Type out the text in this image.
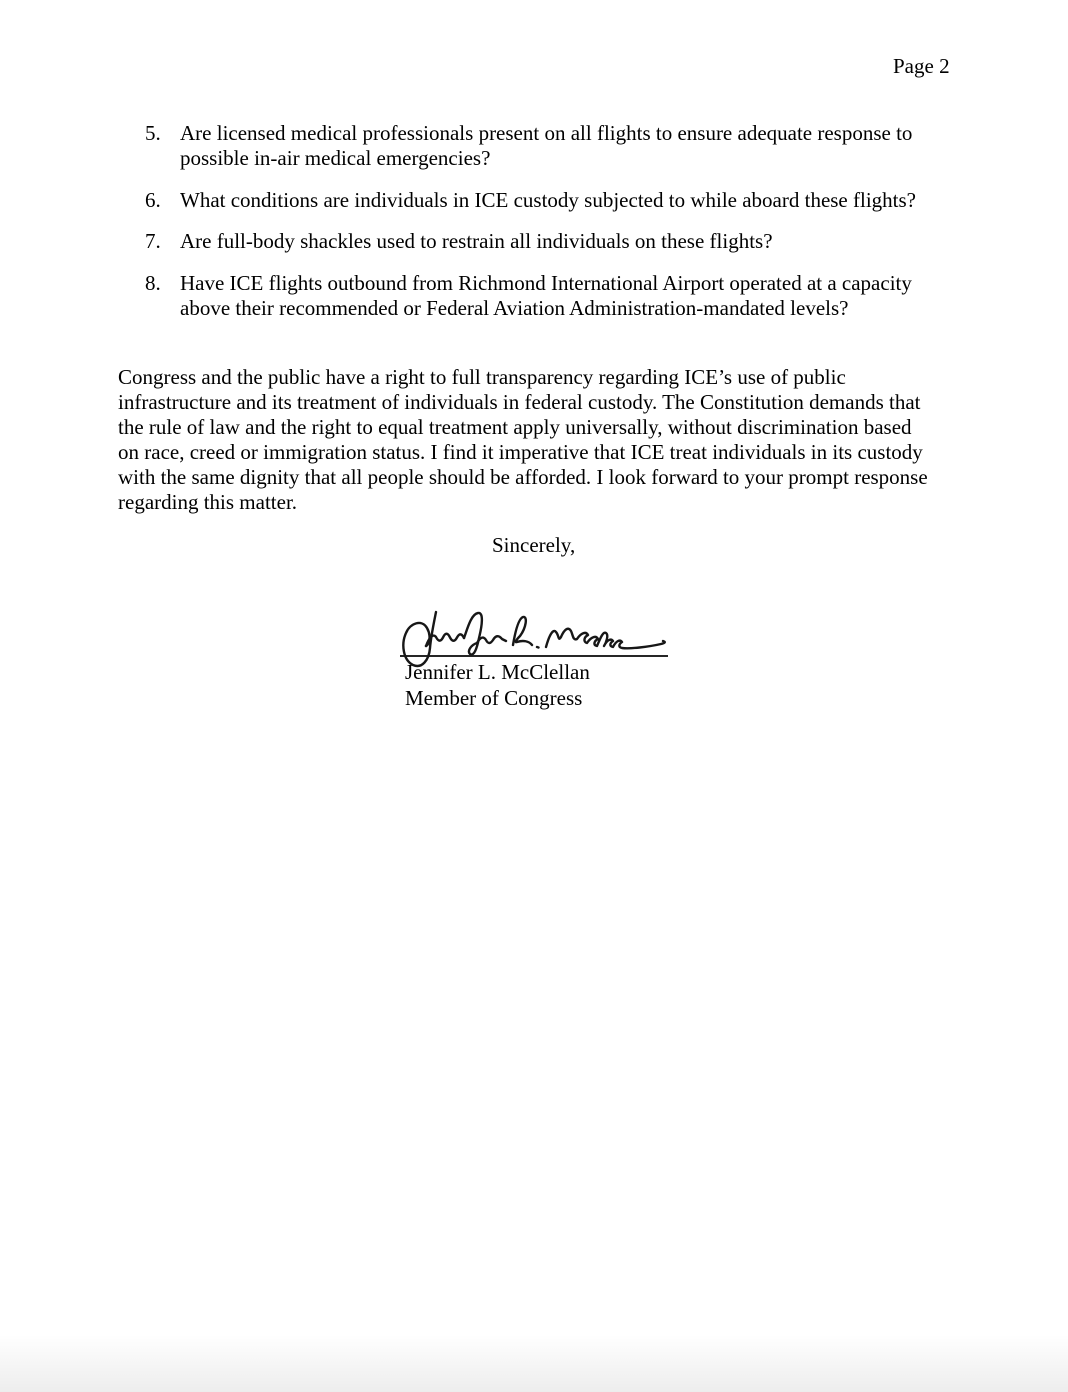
Page 2
5. Are licensed medical professionals present on all flights to ensure adequate response to
possible in-air medical emergencies?
6. What conditions are individuals in ICE custody subjected to while aboard these flights?
7. Are full-body shackles used to restrain all individuals on these flights?
8. Have ICE flights outbound from Richmond International Airport operated at a capacity
above their recommended or Federal Aviation Administration-mandated levels?
Congress and the public have a right to full transparency regarding ICE’s use of public
infrastructure and its treatment of individuals in federal custody. The Constitution demands that
the rule of law and the right to equal treatment apply universally, without discrimination based
on race, creed or immigration status. I find it imperative that ICE treat individuals in its custody
with the same dignity that all people should be afforded. I look forward to your prompt response
regarding this matter.
Sincerely,
Jennifer L. McClellan
Member of Congress
